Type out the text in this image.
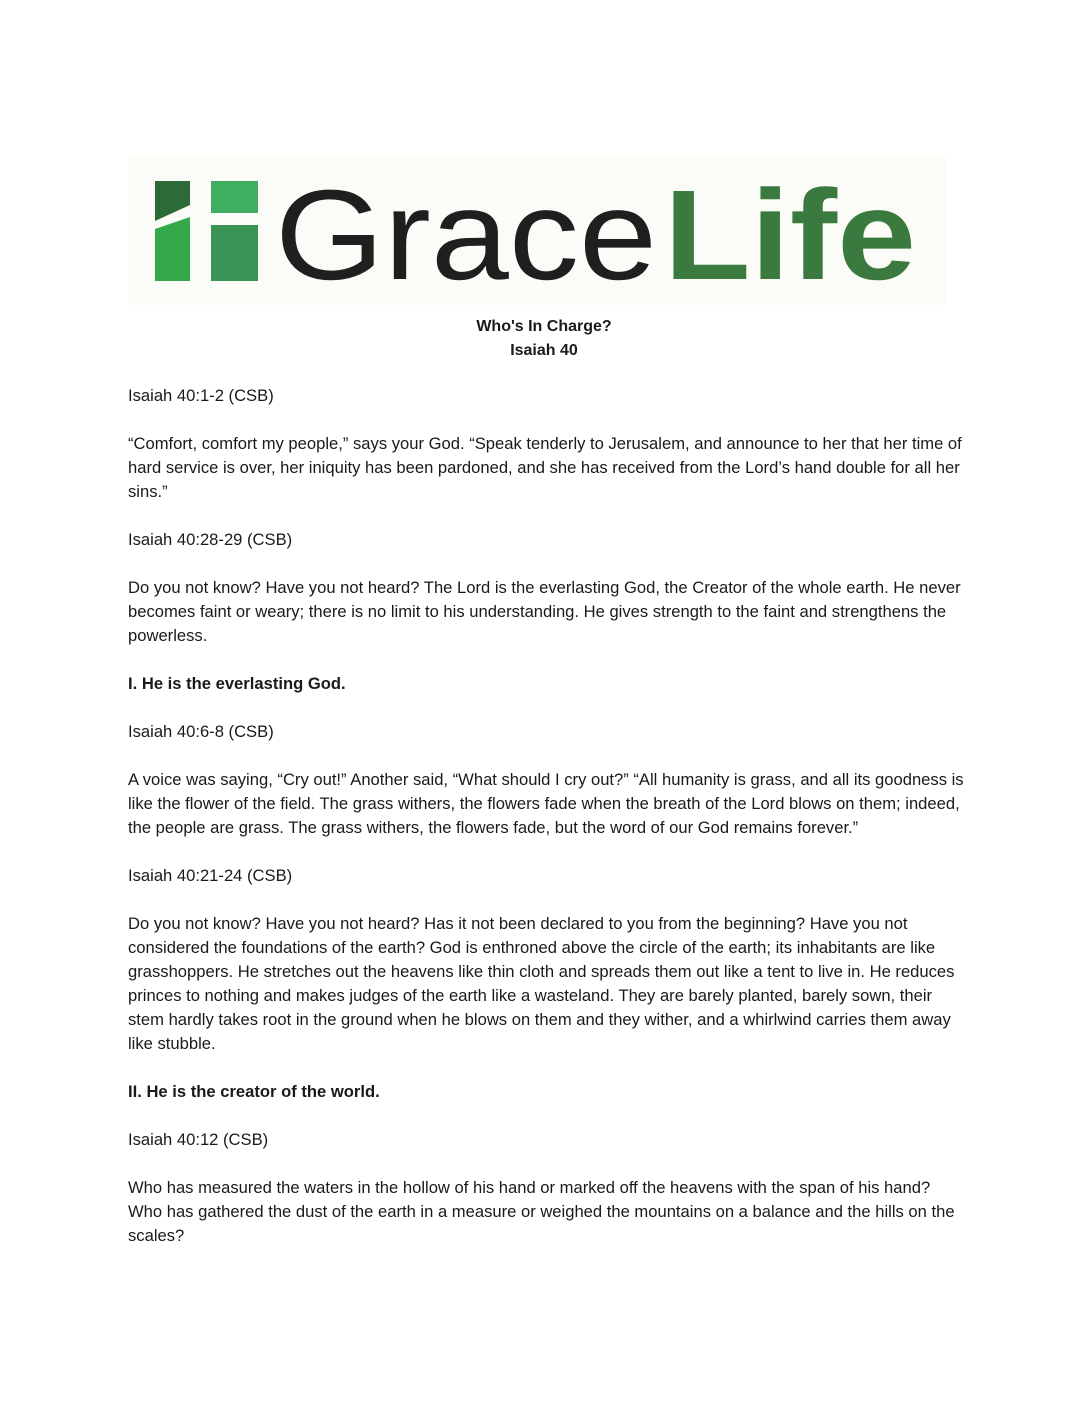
Grace Life
Who's In Charge?
Isaiah 40

Isaiah 40:1-2 (CSB)

“Comfort, comfort my people,” says your God. “Speak tenderly to Jerusalem, and announce to her that her time of hard service is over, her iniquity has been pardoned, and she has received from the Lord’s hand double for all her sins.”

Isaiah 40:28-29 (CSB)

Do you not know? Have you not heard? The Lord is the everlasting God, the Creator of the whole earth. He never becomes faint or weary; there is no limit to his understanding. He gives strength to the faint and strengthens the powerless.

I. He is the everlasting God.

Isaiah 40:6-8 (CSB)

A voice was saying, “Cry out!” Another said, “What should I cry out?” “All humanity is grass, and all its goodness is like the flower of the field. The grass withers, the flowers fade when the breath of the Lord blows on them; indeed, the people are grass. The grass withers, the flowers fade, but the word of our God remains forever.”

Isaiah 40:21-24 (CSB)

Do you not know? Have you not heard? Has it not been declared to you from the beginning? Have you not considered the foundations of the earth? God is enthroned above the circle of the earth; its inhabitants are like grasshoppers. He stretches out the heavens like thin cloth and spreads them out like a tent to live in. He reduces princes to nothing and makes judges of the earth like a wasteland. They are barely planted, barely sown, their stem hardly takes root in the ground when he blows on them and they wither, and a whirlwind carries them away like stubble.

II. He is the creator of the world.

Isaiah 40:12 (CSB)

Who has measured the waters in the hollow of his hand or marked off the heavens with the span of his hand? Who has gathered the dust of the earth in a measure or weighed the mountains on a balance and the hills on the scales?
